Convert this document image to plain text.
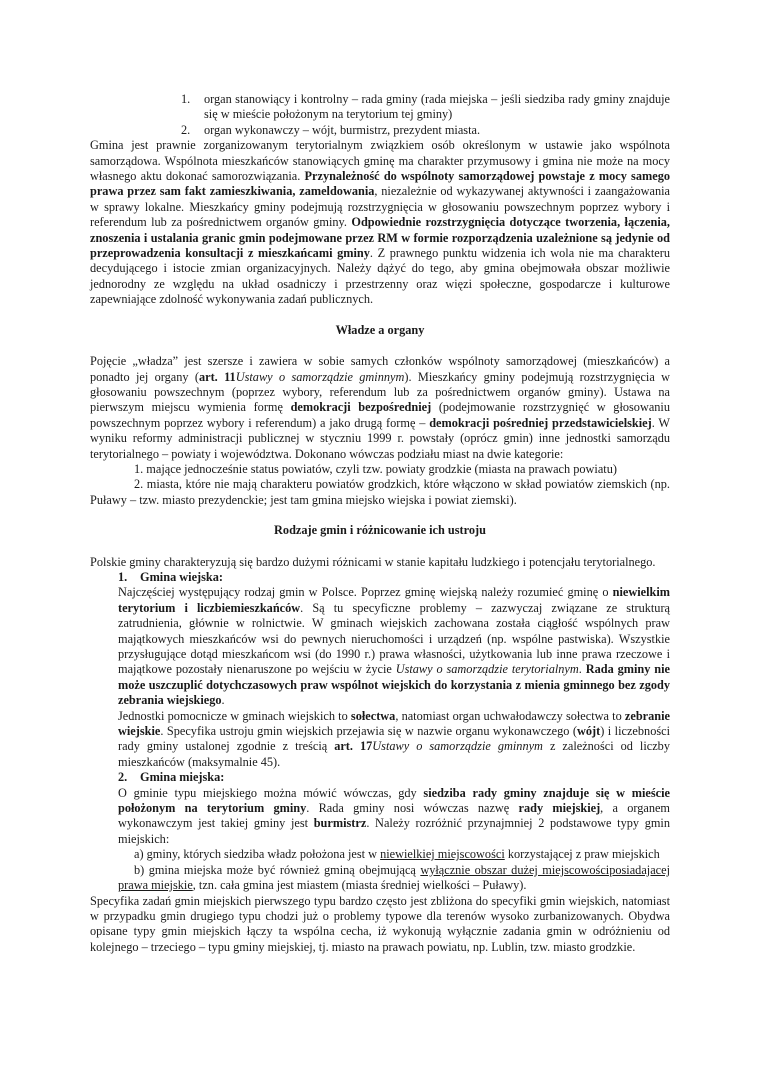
1. organ stanowiący i kontrolny – rada gminy (rada miejska – jeśli siedziba rady gminy znajduje się w mieście położonym na terytorium tej gminy)
2. organ wykonawczy – wójt, burmistrz, prezydent miasta.

Gmina jest prawnie zorganizowanym terytorialnym związkiem osób określonym w ustawie jako wspólnota samorządowa. Wspólnota mieszkańców stanowiących gminę ma charakter przymusowy i gmina nie może na mocy własnego aktu dokonać samorozwiązania. Przynależność do wspólnoty samorządowej powstaje z mocy samego prawa przez sam fakt zamieszkiwania, zameldowania, niezależnie od wykazywanej aktywności i zaangażowania w sprawy lokalne. Mieszkańcy gminy podejmują rozstrzygnięcia w głosowaniu powszechnym poprzez wybory i referendum lub za pośrednictwem organów gminy. Odpowiednie rozstrzygnięcia dotyczące tworzenia, łączenia, znoszenia i ustalania granic gmin podejmowane przez RM w formie rozporządzenia uzależnione są jedynie od przeprowadzenia konsultacji z mieszkańcami gminy. Z prawnego punktu widzenia ich wola nie ma charakteru decydującego i istocie zmian organizacyjnych. Należy dążyć do tego, aby gmina obejmowała obszar możliwie jednorodny ze względu na układ osadniczy i przestrzenny oraz więzi społeczne, gospodarcze i kulturowe zapewniające zdolność wykonywania zadań publicznych.

Władze a organy

Pojęcie „władza” jest szersze i zawiera w sobie samych członków wspólnoty samorządowej (mieszkańców) a ponadto jej organy (art. 11Ustawy o samorządzie gminnym). Mieszkańcy gminy podejmują rozstrzygnięcia w głosowaniu powszechnym (poprzez wybory, referendum lub za pośrednictwem organów gminy). Ustawa na pierwszym miejscu wymienia formę demokracji bezpośredniej (podejmowanie rozstrzygnięć w głosowaniu powszechnym poprzez wybory i referendum) a jako drugą formę – demokracji pośredniej przedstawicielskiej. W wyniku reformy administracji publicznej w styczniu 1999 r. powstały (oprócz gmin) inne jednostki samorządu terytorialnego – powiaty i województwa. Dokonano wówczas podziału miast na dwie kategorie:

1. mające jednocześnie status powiatów, czyli tzw. powiaty grodzkie (miasta na prawach powiatu)

2. miasta, które nie mają charakteru powiatów grodzkich, które włączono w skład powiatów ziemskich (np. Puławy – tzw. miasto prezydenckie; jest tam gmina miejsko wiejska i powiat ziemski).

Rodzaje gmin i różnicowanie ich ustroju

Polskie gminy charakteryzują się bardzo dużymi różnicami w stanie kapitału ludzkiego i potencjału terytorialnego.

1. Gmina wiejska:

Najczęściej występujący rodzaj gmin w Polsce. Poprzez gminę wiejską należy rozumieć gminę o niewielkim terytorium i liczbiemieszkańców. Są tu specyficzne problemy – zazwyczaj związane ze strukturą zatrudnienia, głównie w rolnictwie. W gminach wiejskich zachowana została ciągłość wspólnych praw majątkowych mieszkańców wsi do pewnych nieruchomości i urządzeń (np. wspólne pastwiska). Wszystkie przysługujące dotąd mieszkańcom wsi (do 1990 r.) prawa własności, użytkowania lub inne prawa rzeczowe i majątkowe pozostały nienaruszone po wejściu w życie Ustawy o samorządzie terytorialnym. Rada gminy nie może uszczuplić dotychczasowych praw wspólnot wiejskich do korzystania z mienia gminnego bez zgody zebrania wiejskiego.

Jednostki pomocnicze w gminach wiejskich to sołectwa, natomiast organ uchwałodawczy sołectwa to zebranie wiejskie. Specyfika ustroju gmin wiejskich przejawia się w nazwie organu wykonawczego (wójt) i liczebności rady gminy ustalonej zgodnie z treścią art. 17Ustawy o samorządzie gminnym z zależności od liczby mieszkańców (maksymalnie 45).

2. Gmina miejska:

O gminie typu miejskiego można mówić wówczas, gdy siedziba rady gminy znajduje się w mieście położonym na terytorium gminy. Rada gminy nosi wówczas nazwę rady miejskiej, a organem wykonawczym jest takiej gminy jest burmistrz. Należy rozróżnić przynajmniej 2 podstawowe typy gmin miejskich:

a) gminy, których siedziba władz położona jest w niewielkiej miejscowości korzystającej z praw miejskich

b) gmina miejska może być również gminą obejmującą wyłącznie obszar dużej miejscowościposiadajacej prawa miejskie, tzn. cała gmina jest miastem (miasta średniej wielkości – Puławy).

Specyfika zadań gmin miejskich pierwszego typu bardzo często jest zbliżona do specyfiki gmin wiejskich, natomiast w przypadku gmin drugiego typu chodzi już o problemy typowe dla terenów wysoko zurbanizowanych. Obydwa opisane typy gmin miejskich łączy ta wspólna cecha, iż wykonują wyłącznie zadania gmin w odróżnieniu od kolejnego – trzeciego – typu gminy miejskiej, tj. miasto na prawach powiatu, np. Lublin, tzw. miasto grodzkie.
